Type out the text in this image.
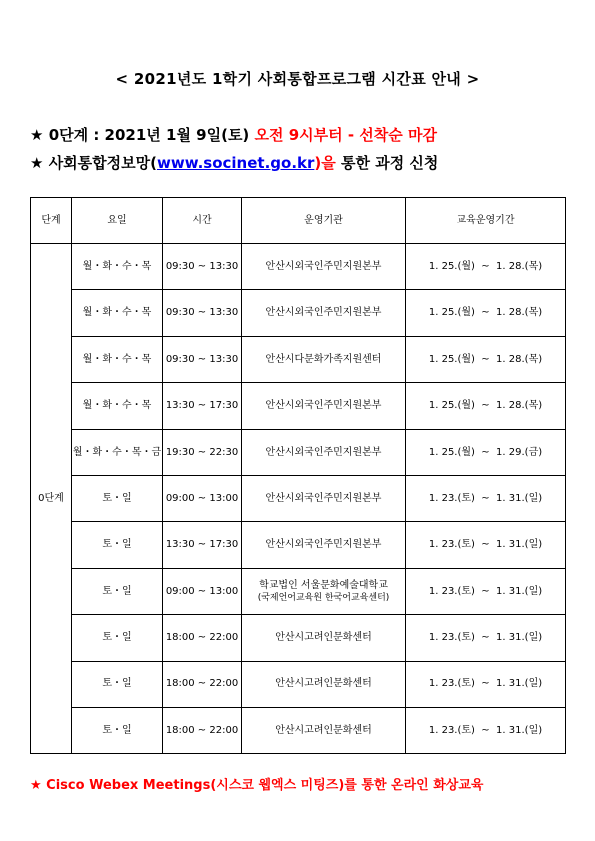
< 2021년도 1학기 사회통합프로그램 시간표 안내 >
★ 0단계 : 2021년 1월 9일(토) 오전 9시부터 - 선착순 마감
★ 사회통합정보망(www.socinet.go.kr)을 통한 과정 신청
단계	요일	시간	운영기관	교육운영기간
0단계	월・화・수・목	09:30 ~ 13:30	안산시외국인주민지원본부	1. 25.(월)  ~  1. 28.(목)
	월・화・수・목	09:30 ~ 13:30	안산시외국인주민지원본부	1. 25.(월)  ~  1. 28.(목)
	월・화・수・목	09:30 ~ 13:30	안산시다문화가족지원센터	1. 25.(월)  ~  1. 28.(목)
	월・화・수・목	13:30 ~ 17:30	안산시외국인주민지원본부	1. 25.(월)  ~  1. 28.(목)
	월・화・수・목・금	19:30 ~ 22:30	안산시외국인주민지원본부	1. 25.(월)  ~  1. 29.(금)
	토・일	09:00 ~ 13:00	안산시외국인주민지원본부	1. 23.(토)  ~  1. 31.(일)
	토・일	13:30 ~ 17:30	안산시외국인주민지원본부	1. 23.(토)  ~  1. 31.(일)
	토・일	09:00 ~ 13:00	학교법인 서울문화예술대학교
(국제언어교육원 한국어교육센터)	1. 23.(토)  ~  1. 31.(일)
	토・일	18:00 ~ 22:00	안산시고려인문화센터	1. 23.(토)  ~  1. 31.(일)
	토・일	18:00 ~ 22:00	안산시고려인문화센터	1. 23.(토)  ~  1. 31.(일)
	토・일	18:00 ~ 22:00	안산시고려인문화센터	1. 23.(토)  ~  1. 31.(일)
★ Cisco Webex Meetings(시스코 웹엑스 미팅즈)를 통한 온라인 화상교육
